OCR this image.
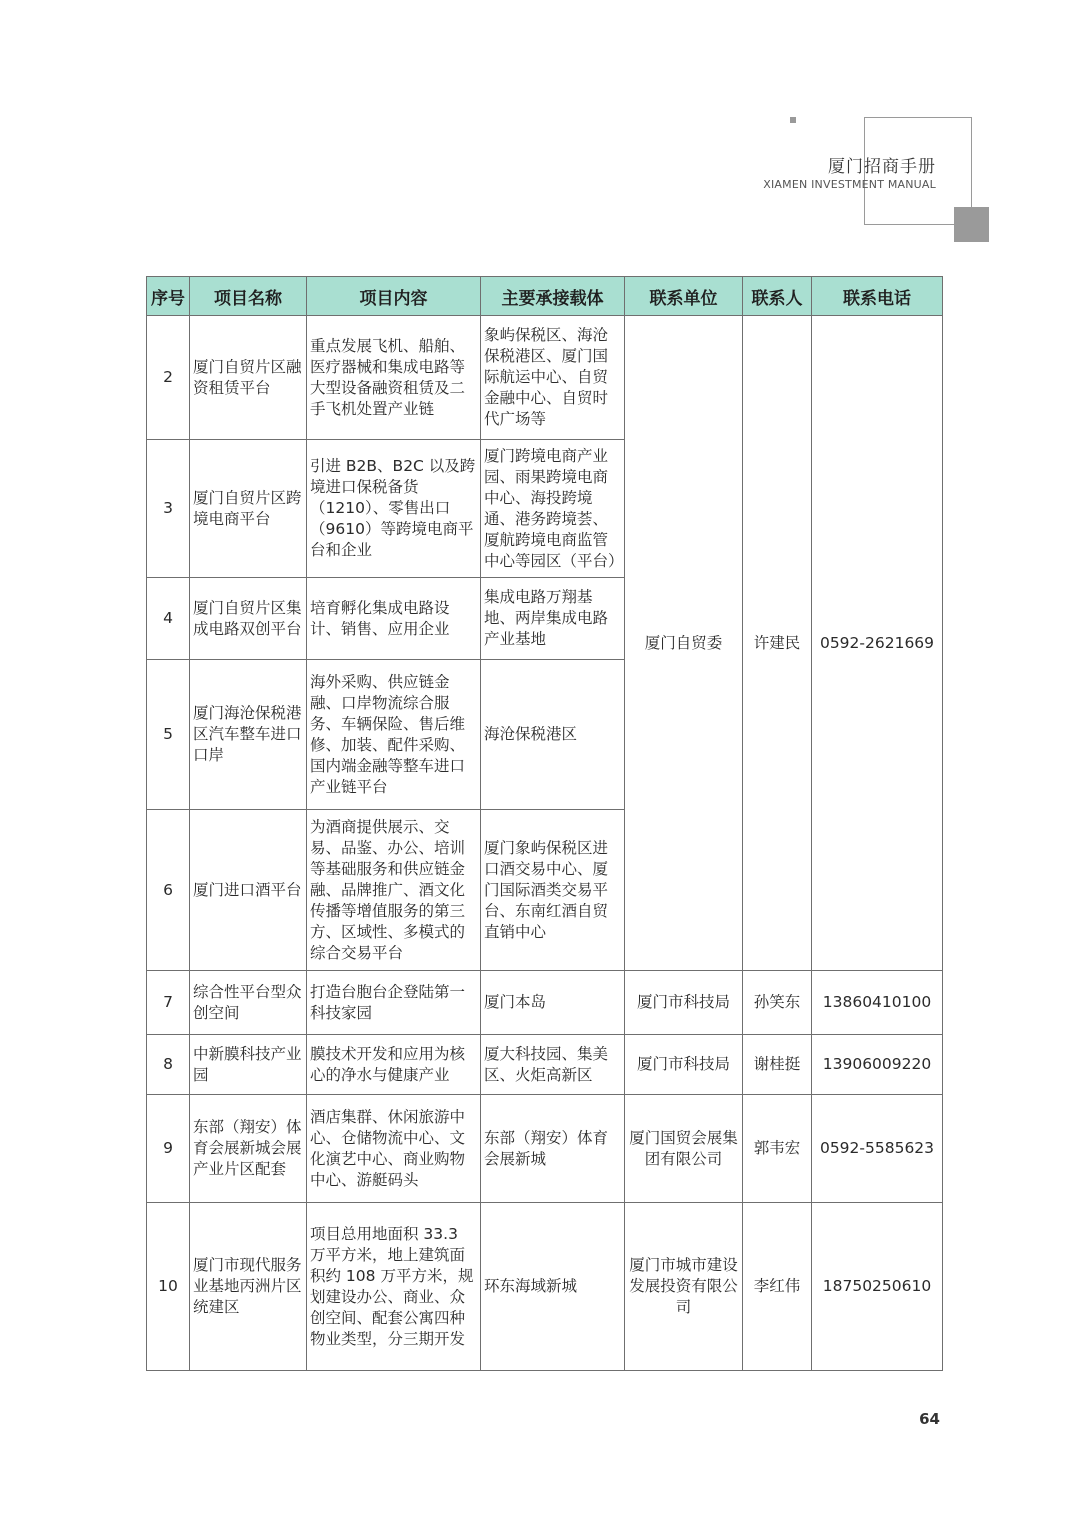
厦门招商手册
XIAMEN INVESTMENT MANUAL
序号	项目名称	项目内容	主要承接载体	联系单位	联系人	联系电话
2	厦门自贸片区融资租赁平台	重点发展飞机、船舶、医疗器械和集成电路等大型设备融资租赁及二手飞机处置产业链	象屿保税区、海沧保税港区、厦门国际航运中心、自贸金融中心、自贸时代广场等	厦门自贸委	许建民	0592-2621669
3	厦门自贸片区跨境电商平台	引进 B2B、B2C 以及跨境进口保税备货（1210）、零售出口（9610）等跨境电商平台和企业	厦门跨境电商产业园、雨果跨境电商中心、海投跨境通、港务跨境荟、厦航跨境电商监管中心等园区（平台）			
4	厦门自贸片区集成电路双创平台	培育孵化集成电路设计、销售、应用企业	集成电路万翔基地、两岸集成电路产业基地			
5	厦门海沧保税港区汽车整车进口口岸	海外采购、供应链金融、口岸物流综合服务、车辆保险、售后维修、加装、配件采购、国内端金融等整车进口产业链平台	海沧保税港区			
6	厦门进口酒平台	为酒商提供展示、交易、品鉴、办公、培训等基础服务和供应链金融、品牌推广、酒文化传播等增值服务的第三方、区域性、多模式的综合交易平台	厦门象屿保税区进口酒交易中心、厦门国际酒类交易平台、东南红酒自贸直销中心			
7	综合性平台型众创空间	打造台胞台企登陆第一科技家园	厦门本岛	厦门市科技局	孙笑东	13860410100
8	中新膜科技产业园	膜技术开发和应用为核心的净水与健康产业	厦大科技园、集美区、火炬高新区	厦门市科技局	谢桂挺	13906009220
9	东部（翔安）体育会展新城会展产业片区配套	酒店集群、休闲旅游中心、仓储物流中心、文化演艺中心、商业购物中心、游艇码头	东部（翔安）体育会展新城	厦门国贸会展集团有限公司	郭韦宏	0592-5585623
10	厦门市现代服务业基地丙洲片区统建区	项目总用地面积 33.3 万平方米，地上建筑面积约 108 万平方米，规划建设办公、商业、众创空间、配套公寓四种物业类型，分三期开发	环东海域新城	厦门市城市建设发展投资有限公司	李红伟	18750250610
64
